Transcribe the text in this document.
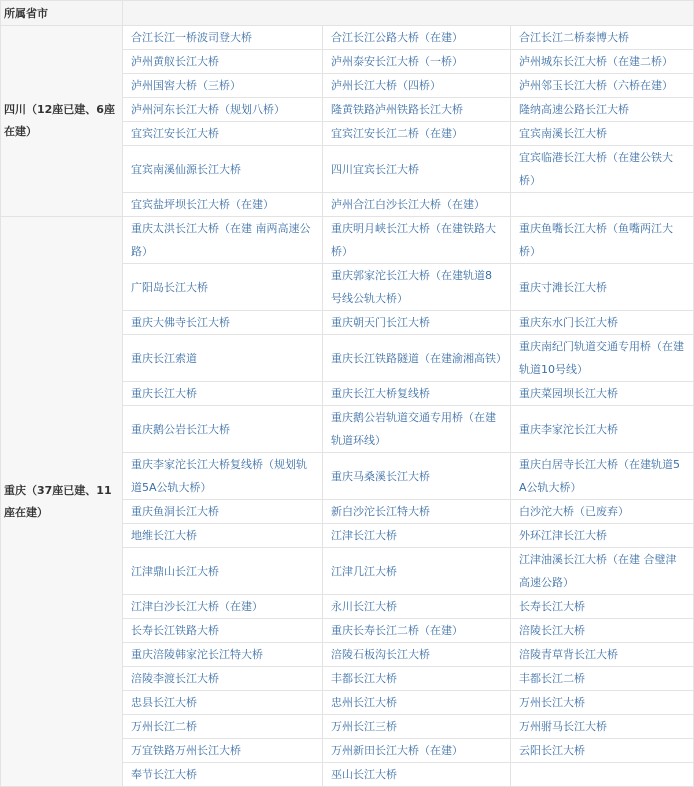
所属省市			
四川（12座已建、6座在建）	合江长江一桥波司登大桥	合江长江公路大桥（在建）	合江长江二桥泰博大桥
	泸州黄舣长江大桥	泸州泰安长江大桥（一桥）	泸州城东长江大桥（在建二桥）
	泸州国窖大桥（三桥）	泸州长江大桥（四桥）	泸州邻玉长江大桥（六桥在建）
	泸州河东长江大桥（规划八桥）	隆黄铁路泸州铁路长江大桥	隆纳高速公路长江大桥
	宜宾江安长江大桥	宜宾江安长江二桥（在建）	宜宾南溪长江大桥
	宜宾南溪仙源长江大桥	四川宜宾长江大桥	宜宾临港长江大桥（在建公铁大桥）
	宜宾盐坪坝长江大桥（在建）	泸州合江白沙长江大桥（在建）	
重庆（37座已建、11座在建）	重庆太洪长江大桥（在建 南两高速公路）	重庆明月峡长江大桥（在建铁路大桥）	重庆鱼嘴长江大桥（鱼嘴两江大桥）
	广阳岛长江大桥	重庆郭家沱长江大桥（在建轨道8号线公轨大桥）	重庆寸滩长江大桥
	重庆大佛寺长江大桥	重庆朝天门长江大桥	重庆东水门长江大桥
	重庆长江索道	重庆长江铁路隧道（在建渝湘高铁）	重庆南纪门轨道交通专用桥（在建轨道10号线）
	重庆长江大桥	重庆长江大桥复线桥	重庆菜园坝长江大桥
	重庆鹅公岩长江大桥	重庆鹅公岩轨道交通专用桥（在建轨道环线）	重庆李家沱长江大桥
	重庆李家沱长江大桥复线桥（规划轨道5A公轨大桥）	重庆马桑溪长江大桥	重庆白居寺长江大桥（在建轨道5A公轨大桥）
	重庆鱼洞长江大桥	新白沙沱长江特大桥	白沙沱大桥（已废弃）
	地维长江大桥	江津长江大桥	外环江津长江大桥
	江津鼎山长江大桥	江津几江大桥	江津油溪长江大桥（在建 合璧津高速公路）
	江津白沙长江大桥（在建）	永川长江大桥	长寿长江大桥
	长寿长江铁路大桥	重庆长寿长江二桥（在建）	涪陵长江大桥
	重庆涪陵韩家沱长江特大桥	涪陵石板沟长江大桥	涪陵青草背长江大桥
	涪陵李渡长江大桥	丰都长江大桥	丰都长江二桥
	忠县长江大桥	忠州长江大桥	万州长江大桥
	万州长江二桥	万州长江三桥	万州驸马长江大桥
	万宜铁路万州长江大桥	万州新田长江大桥（在建）	云阳长江大桥
	奉节长江大桥	巫山长江大桥	
